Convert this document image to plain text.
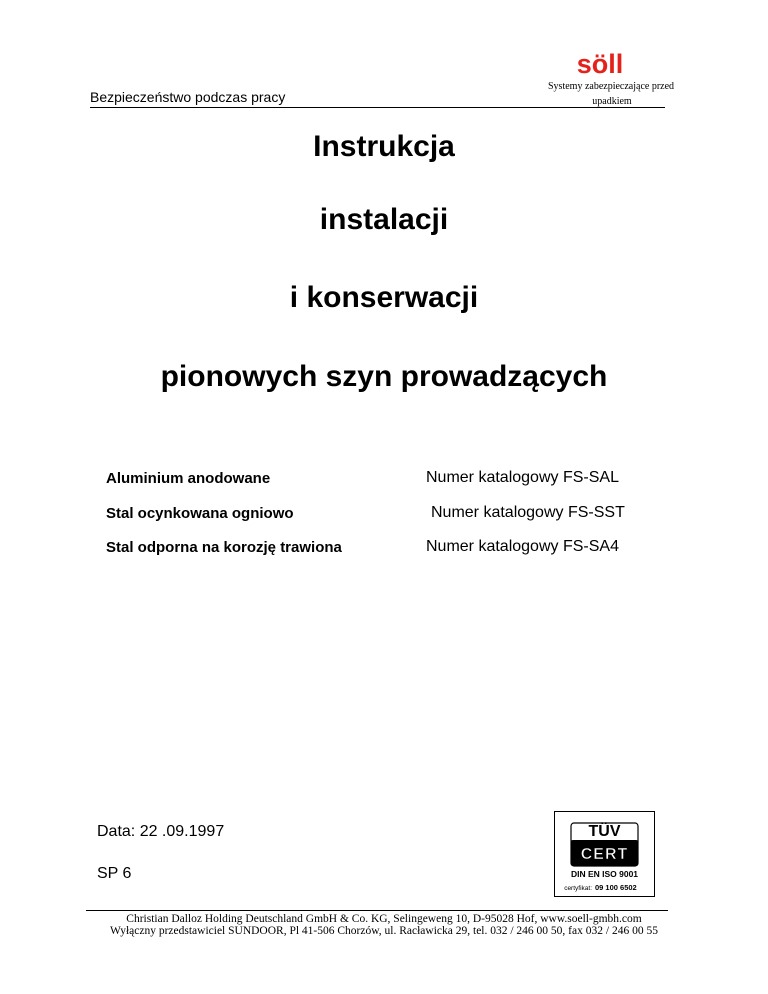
söll
Systemy zabezpieczające przed
upadkiem
Bezpieczeństwo podczas pracy
Instrukcja
instalacji
i konserwacji
pionowych szyn prowadzących
Aluminium anodowane	Numer katalogowy FS-SAL
Stal ocynkowana ogniowo	Numer katalogowy FS-SST
Stal odporna na korozję trawiona	Numer katalogowy FS-SA4
Data: 22 .09.1997
SP 6
TÜV
CERT
DIN EN ISO 9001
certyfikat: 09 100 6502
Christian Dalloz Holding Deutschland GmbH & Co. KG, Selingeweng 10, D-95028 Hof, www.soell-gmbh.com
Wyłączny przedstawiciel SUNDOOR, Pl 41-506 Chorzów, ul. Racławicka 29, tel. 032 / 246 00 50, fax 032 / 246 00 55
